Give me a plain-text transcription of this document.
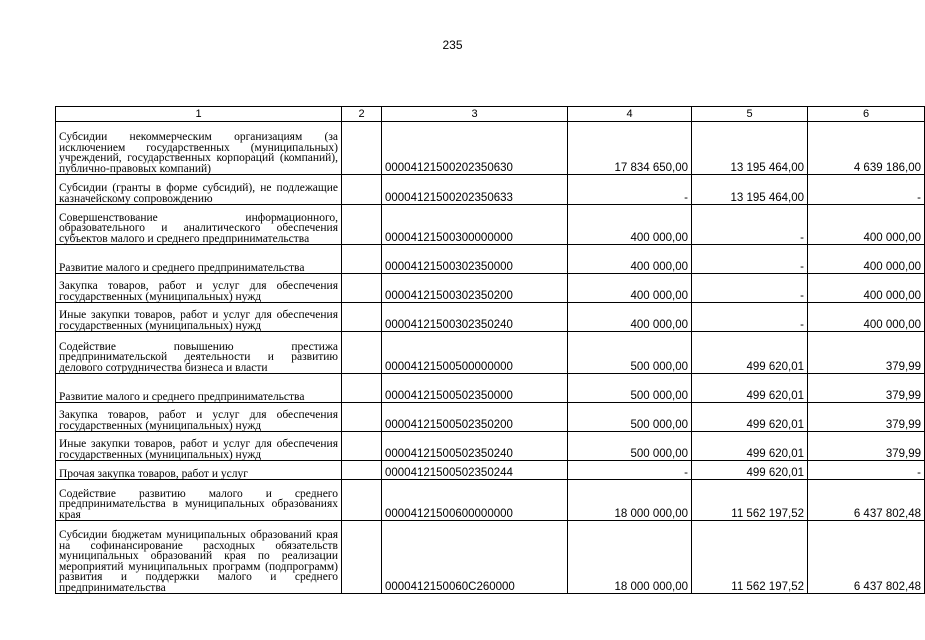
235
1	2	3	4	5	6
Субсидии некоммерческим организациям (за исключением государственных (муниципальных) учреждений, государственных корпораций (компаний), публично-правовых компаний)		00004121500202350630	17 834 650,00	13 195 464,00	4 639 186,00
Субсидии (гранты в форме субсидий), не подлежащие казначейскому сопровождению		00004121500202350633	-	13 195 464,00	-
Совершенствование информационного, образовательного и аналитического обеспечения субъектов малого и среднего предпринимательства		00004121500300000000	400 000,00	-	400 000,00
Развитие малого и среднего предпринимательства		00004121500302350000	400 000,00	-	400 000,00
Закупка товаров, работ и услуг для обеспечения государственных (муниципальных) нужд		00004121500302350200	400 000,00	-	400 000,00
Иные закупки товаров, работ и услуг для обеспечения государственных (муниципальных) нужд		00004121500302350240	400 000,00	-	400 000,00
Содействие повышению престижа предпринимательской деятельности и развитию делового сотрудничества бизнеса и власти		00004121500500000000	500 000,00	499 620,01	379,99
Развитие малого и среднего предпринимательства		00004121500502350000	500 000,00	499 620,01	379,99
Закупка товаров, работ и услуг для обеспечения государственных (муниципальных) нужд		00004121500502350200	500 000,00	499 620,01	379,99
Иные закупки товаров, работ и услуг для обеспечения государственных (муниципальных) нужд		00004121500502350240	500 000,00	499 620,01	379,99
Прочая закупка товаров, работ и услуг		00004121500502350244	-	499 620,01	-
Содействие развитию малого и среднего предпринимательства в муниципальных образованиях края		00004121500600000000	18 000 000,00	11 562 197,52	6 437 802,48
Субсидии бюджетам муниципальных образований края на софинансирование расходных обязательств муниципальных образований края по реализации мероприятий муниципальных программ (подпрограмм) развития и поддержки малого и среднего предпринимательства		0000412150060С260000	18 000 000,00	11 562 197,52	6 437 802,48
